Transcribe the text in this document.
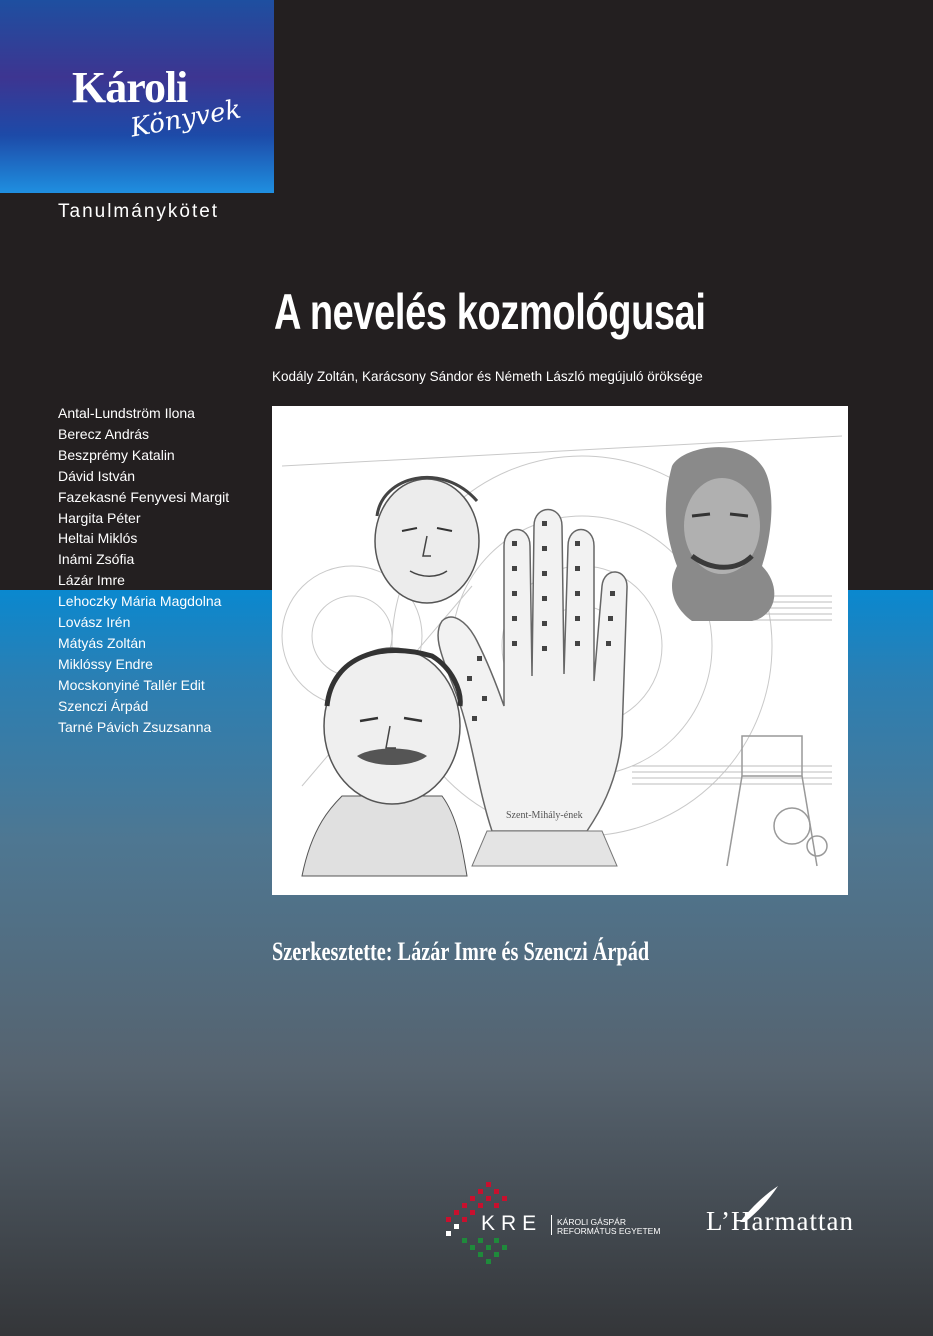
Károli
Könyvek
Tanulmánykötet
A nevelés kozmológusai
Kodály Zoltán, Karácsony Sándor és Németh László megújuló öröksége
Antal-Lundström Ilona
Berecz András
Beszprémy Katalin
Dávid István
Fazekasné Fenyvesi Margit
Hargita Péter
Heltai Miklós
Inámi Zsófia
Lázár Imre
Lehoczky Mária Magdolna
Lovász Irén
Mátyás Zoltán
Miklóssy Endre
Mocskonyiné Tallér Edit
Szenczi Árpád
Tarné Pávich Zsuzsanna
Szent-Mihály-ének
Szerkesztette: Lázár Imre és Szenczi Árpád
KRE KÁROLI GÁSPÁR
REFORMÁTUS EGYETEM L’Harmattan
